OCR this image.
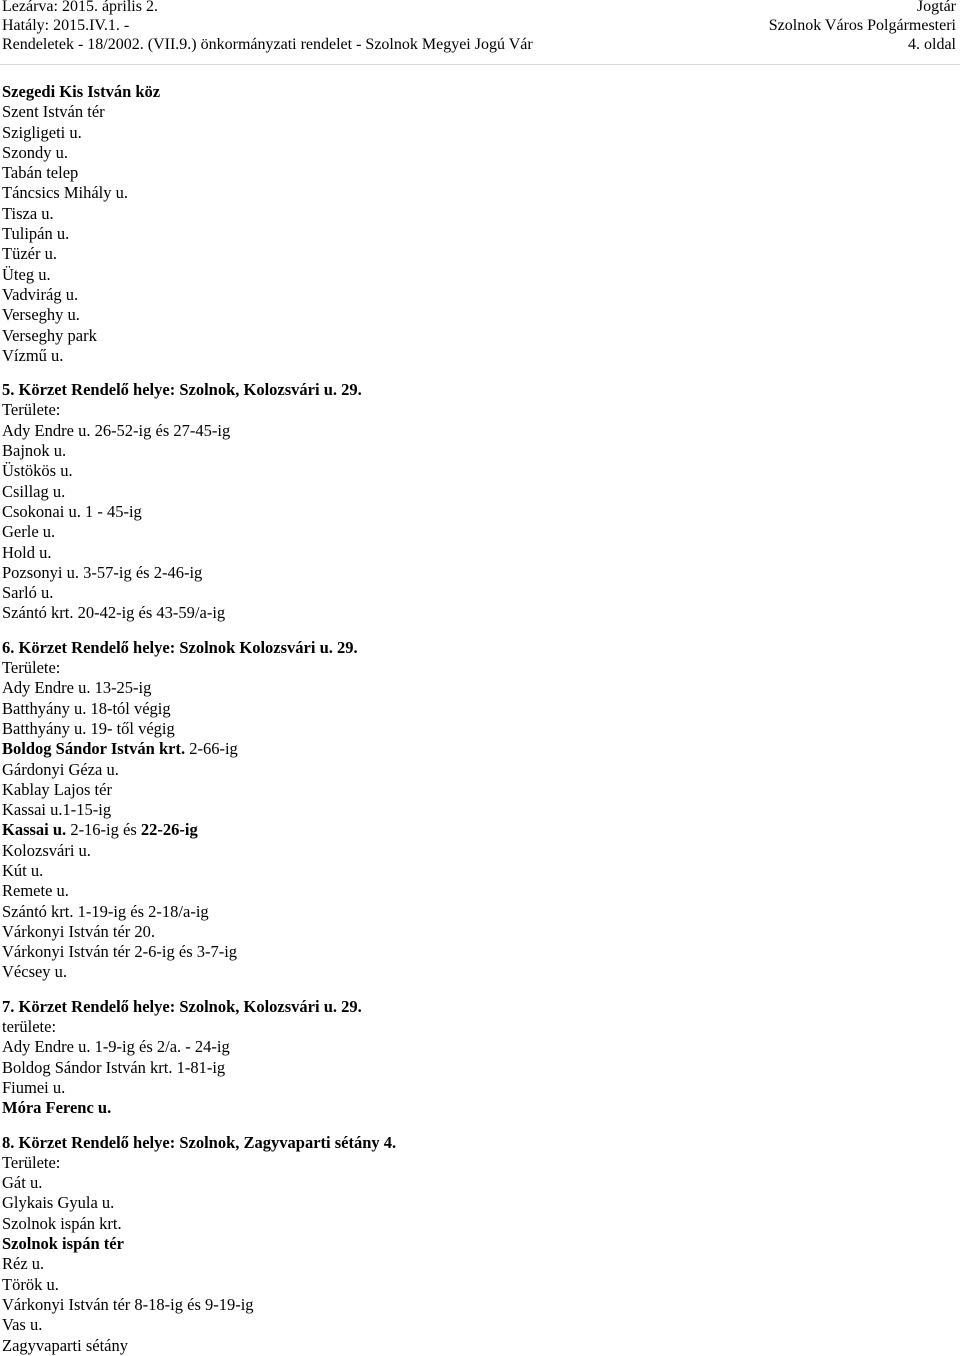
Lezárva: 2015. április 2.
Hatály: 2015.IV.1. -
Rendeletek - 18/2002. (VII.9.) önkormányzati rendelet - Szolnok Megyei Jogú Vár
Jogtár
Szolnok Város Polgármesteri
4. oldal
Szegedi Kis István köz
Szent István tér
Szigligeti u.
Szondy u.
Tabán telep
Táncsics Mihály u.
Tisza u.
Tulipán u.
Tüzér u.
Üteg u.
Vadvirág u.
Verseghy u.
Verseghy park
Vízmű u.
5. Körzet Rendelő helye: Szolnok, Kolozsvári u. 29.
Területe:
Ady Endre u. 26-52-ig és 27-45-ig
Bajnok u.
Üstökös u.
Csillag u.
Csokonai u. 1 - 45-ig
Gerle u.
Hold u.
Pozsonyi u. 3-57-ig és 2-46-ig
Sarló u.
Szántó krt. 20-42-ig és 43-59/a-ig
6. Körzet Rendelő helye: Szolnok Kolozsvári u. 29.
Területe:
Ady Endre u. 13-25-ig
Batthyány u. 18-tól végig
Batthyány u. 19- től végig
Boldog Sándor István krt. 2-66-ig
Gárdonyi Géza u.
Kablay Lajos tér
Kassai u.1-15-ig
Kassai u. 2-16-ig és 22-26-ig
Kolozsvári u.
Kút u.
Remete u.
Szántó krt. 1-19-ig és 2-18/a-ig
Várkonyi István tér 20.
Várkonyi István tér 2-6-ig és 3-7-ig
Vécsey u.
7. Körzet Rendelő helye: Szolnok, Kolozsvári u. 29.
területe:
Ady Endre u. 1-9-ig és 2/a. - 24-ig
Boldog Sándor István krt. 1-81-ig
Fiumei u.
Móra Ferenc u.
8. Körzet Rendelő helye: Szolnok, Zagyvaparti sétány 4.
Területe:
Gát u.
Glykais Gyula u.
Szolnok ispán krt.
Szolnok ispán tér
Réz u.
Török u.
Várkonyi István tér 8-18-ig és 9-19-ig
Vas u.
Zagyvaparti sétány
